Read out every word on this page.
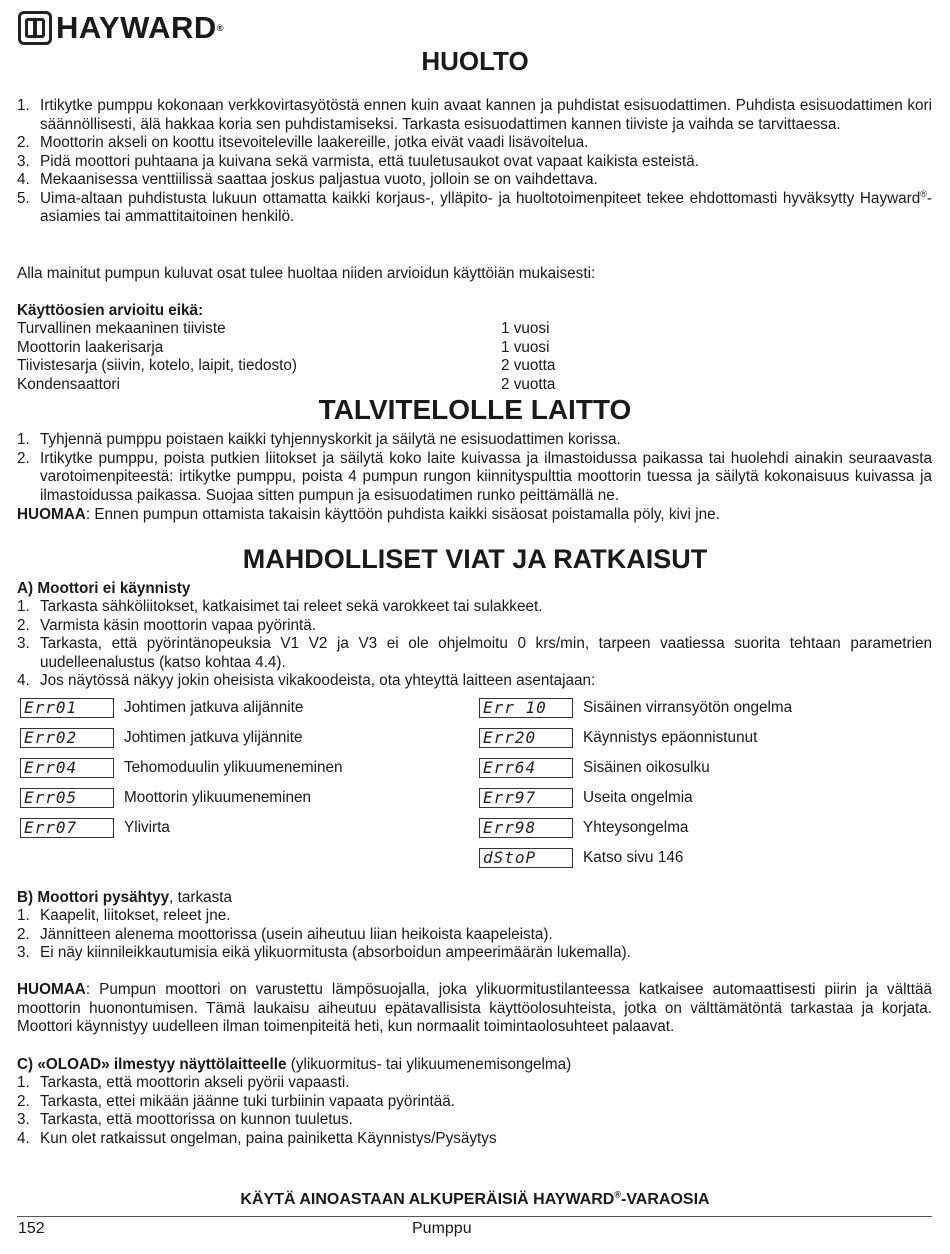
HAYWARD®
HUOLTO
1. Irtikytke pumppu kokonaan verkkovirtasyötöstä ennen kuin avaat kannen ja puhdistat esisuodattimen. Puhdista esisuodattimen kori säännöllisesti, älä hakkaa koria sen puhdistamiseksi. Tarkasta esisuodattimen kannen tiiviste ja vaihda se tarvittaessa.
2. Moottorin akseli on koottu itsevoiteleville laakereille, jotka eivät vaadi lisävoitelua.
3. Pidä moottori puhtaana ja kuivana sekä varmista, että tuuletusaukot ovat vapaat kaikista esteistä.
4. Mekaanisessa venttiilissä saattaa joskus paljastua vuoto, jolloin se on vaihdettava.
5. Uima-altaan puhdistusta lukuun ottamatta kaikki korjaus-, ylläpito- ja huoltotoimenpiteet tekee ehdottomasti hyväksytty Hayward®-asiamies tai ammattitaitoinen henkilö.
Alla mainitut pumpun kuluvat osat tulee huoltaa niiden arvioidun käyttöiän mukaisesti:
Käyttöosien arvioitu eikä:
Turvallinen mekaaninen tiiviste	1 vuosi
Moottorin laakerisarja	1 vuosi
Tiivistesarja (siivin, kotelo, laipit, tiedosto)	2 vuotta
Kondensaattori	2 vuotta
TALVITELOLLE LAITTO
1. Tyhjennä pumppu poistaen kaikki tyhjennyskorkit ja säilytä ne esisuodattimen korissa.
2. Irtikytke pumppu, poista putkien liitokset ja säilytä koko laite kuivassa ja ilmastoidussa paikassa tai huolehdi ainakin seuraavasta varotoimenpiteestä: irtikytke pumppu, poista 4 pumpun rungon kiinnityspulttia moottorin tuessa ja säilytä kokonaisuus kuivassa ja ilmastoidussa paikassa. Suojaa sitten pumpun ja esisuodatimen runko peittämällä ne.
HUOMAA: Ennen pumpun ottamista takaisin käyttöön puhdista kaikki sisäosat poistamalla pöly, kivi jne.
MAHDOLLISET VIAT JA RATKAISUT
A) Moottori ei käynnisty
1. Tarkasta sähköliitokset, katkaisimet tai releet sekä varokkeet tai sulakkeet.
2. Varmista käsin moottorin vapaa pyörintä.
3. Tarkasta, että pyörintänopeuksia V1 V2 ja V3 ei ole ohjelmoitu 0 krs/min, tarpeen vaatiessa suorita tehtaan parametrien uudelleenalustus (katso kohtaa 4.4).
4. Jos näytössä näkyy jokin oheisista vikakoodeista, ota yhteyttä laitteen asentajaan:
Err01	Johtimen jatkuva alijännite
Err02	Johtimen jatkuva ylijännite
Err04	Tehomoduulin ylikuumeneminen
Err05	Moottorin ylikuumeneminen
Err07	Ylivirta
Err 10	Sisäinen virransyötön ongelma
Err20	Käynnistys epäonnistunut
Err64	Sisäinen oikosulku
Err97	Useita ongelmia
Err98	Yhteysongelma
dStoP	Katso sivu 146
B) Moottori pysähtyy, tarkasta
1. Kaapelit, liitokset, releet jne.
2. Jännitteen alenema moottorissa (usein aiheutuu liian heikoista kaapeleista).
3. Ei näy kiinnileikkautumisia eikä ylikuormitusta (absorboidun ampeerimäärän lukemalla).
HUOMAA: Pumpun moottori on varustettu lämpösuojalla, joka ylikuormitustilanteessa katkaisee automaattisesti piirin ja välttää moottorin huonontumisen. Tämä laukaisu aiheutuu epätavallisista käyttöolosuhteista, jotka on välttämätöntä tarkastaa ja korjata. Moottori käynnistyy uudelleen ilman toimenpiteitä heti, kun normaalit toimintaolosuhteet palaavat.
C) «OLOAD» ilmestyy näyttölaitteelle (ylikuormitus- tai ylikuumenemisongelma)
1. Tarkasta, että moottorin akseli pyörii vapaasti.
2. Tarkasta, ettei mikään jäänne tuki turbiinin vapaata pyörintää.
3. Tarkasta, että moottorissa on kunnon tuuletus.
4. Kun olet ratkaissut ongelman, paina painiketta Käynnistys/Pysäytys
KÄYTÄ AINOASTAAN ALKUPERÄISIÄ HAYWARD®-VARAOSIA
152	Pumppu
